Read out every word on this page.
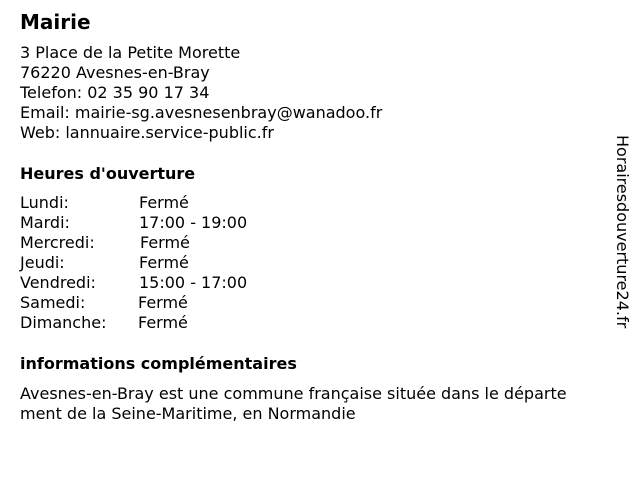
Mairie
3 Place de la Petite Morette
76220 Avesnes-en-Bray
Telefon: 02 35 90 17 34
Email: mairie-sg.avesnesenbray@wanadoo.fr
Web: lannuaire.service-public.fr
Heures d'ouverture
Lundi:	Fermé
Mardi:	17:00 - 19:00
Mercredi:	Fermé
Jeudi:	Fermé
Vendredi:	15:00 - 17:00
Samedi:	Fermé
Dimanche: Fermé
informations complémentaires
Avesnes-en-Bray est une commune française située dans le départe
ment de la Seine-Maritime, en Normandie
Horairesdouverture24.fr
